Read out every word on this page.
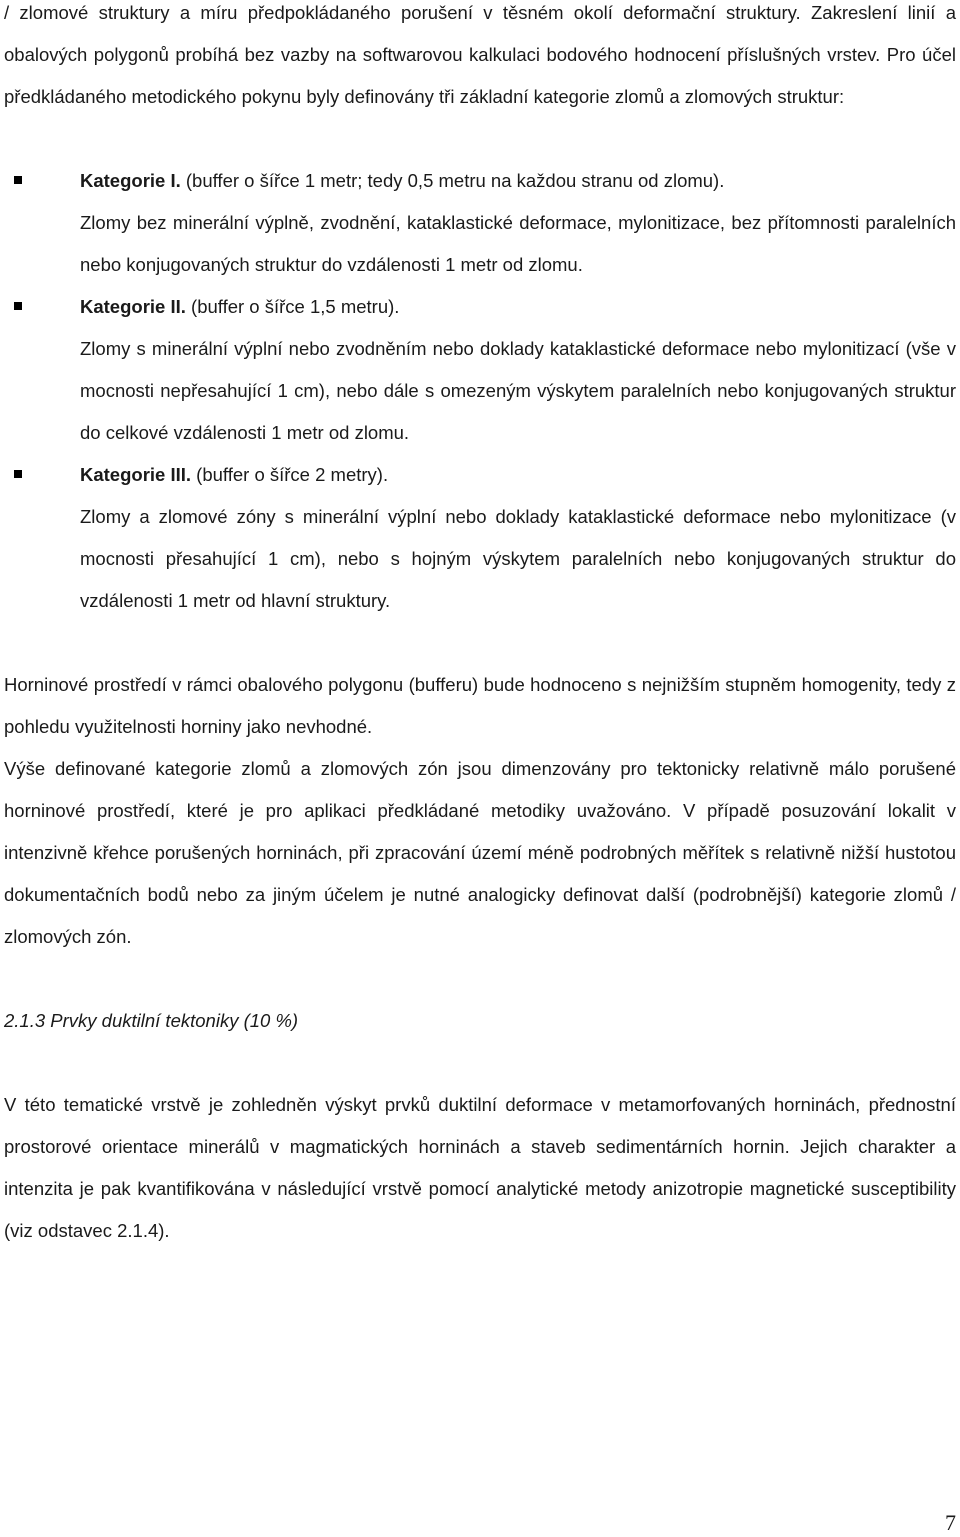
/ zlomové struktury a míru předpokládaného porušení v těsném okolí deformační struktury. Zakreslení linií a obalových polygonů probíhá bez vazby na softwarovou kalkulaci bodového hodnocení příslušných vrstev. Pro účel předkládaného metodického pokynu byly definovány tři základní kategorie zlomů a zlomových struktur:

Kategorie I. (buffer o šířce 1 metr; tedy 0,5 metru na každou stranu od zlomu).

Zlomy bez minerální výplně, zvodnění, kataklastické deformace, mylonitizace, bez přítomnosti paralelních nebo konjugovaných struktur do vzdálenosti 1 metr od zlomu.

Kategorie II. (buffer o šířce 1,5 metru).

Zlomy s minerální výplní nebo zvodněním nebo doklady kataklastické deformace nebo mylonitizací (vše v mocnosti nepřesahující 1 cm), nebo dále s omezeným výskytem paralelních nebo konjugovaných struktur do celkové vzdálenosti 1 metr od zlomu.

Kategorie III. (buffer o šířce 2 metry).

Zlomy a zlomové zóny s minerální výplní nebo doklady kataklastické deformace nebo mylonitizace (v mocnosti přesahující 1 cm), nebo s hojným výskytem paralelních nebo konjugovaných struktur do vzdálenosti 1 metr od hlavní struktury.

Horninové prostředí v rámci obalového polygonu (bufferu) bude hodnoceno s nejnižším stupněm homogenity, tedy z pohledu využitelnosti horniny jako nevhodné.

Výše definované kategorie zlomů a zlomových zón jsou dimenzovány pro tektonicky relativně málo porušené horninové prostředí, které je pro aplikaci předkládané metodiky uvažováno. V případě posuzování lokalit v intenzivně křehce porušených horninách, při zpracování území méně podrobných měřítek s relativně nižší hustotou dokumentačních bodů nebo za jiným účelem je nutné analogicky definovat další (podrobnější) kategorie zlomů / zlomových zón.

2.1.3 Prvky duktilní tektoniky (10 %)

V této tematické vrstvě je zohledněn výskyt prvků duktilní deformace v metamorfovaných horninách, přednostní prostorové orientace minerálů v magmatických horninách a staveb sedimentárních hornin. Jejich charakter a intenzita je pak kvantifikována v následující vrstvě pomocí analytické metody anizotropie magnetické susceptibility (viz odstavec 2.1.4).

7
